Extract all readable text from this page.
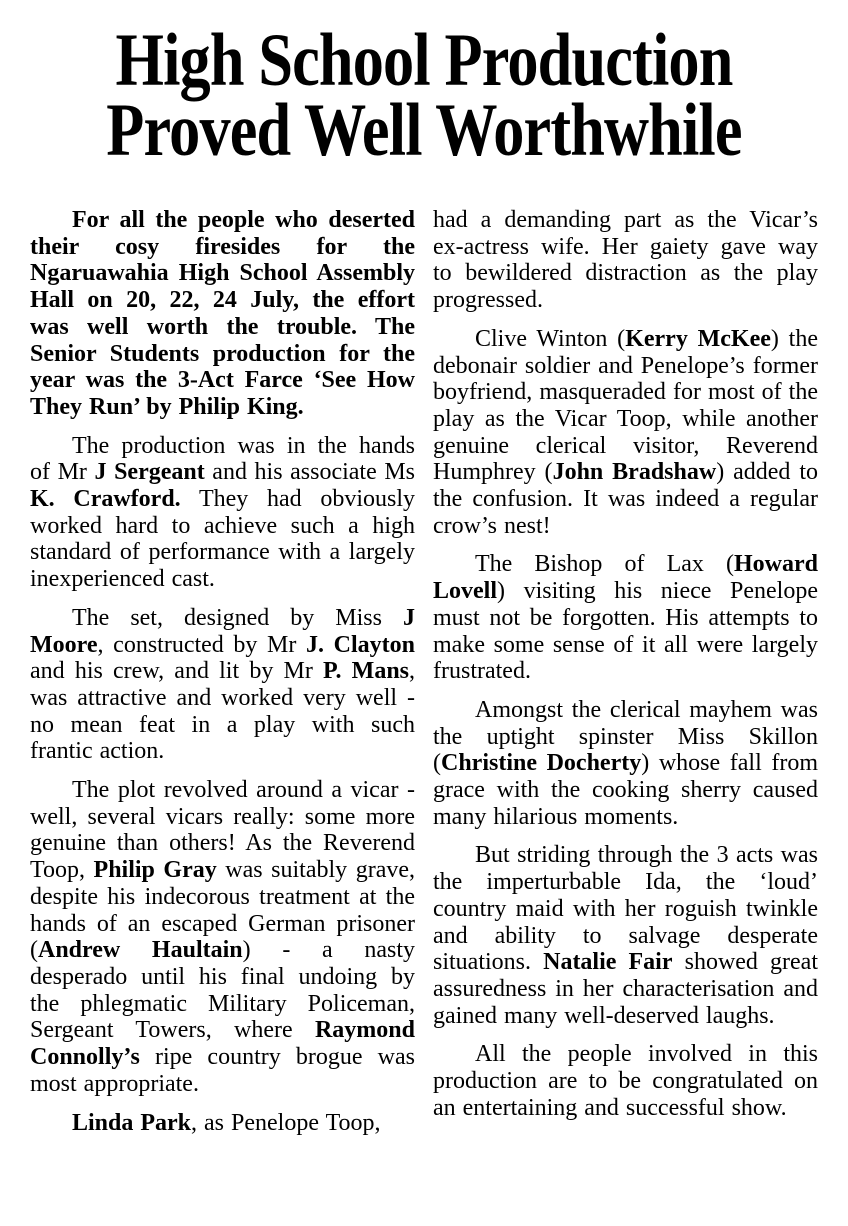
High School Production
Proved Well Worthwhile

For all the people who deserted their cosy firesides for the Ngaruawahia High School Assembly Hall on 20, 22, 24 July, the effort was well worth the trouble. The Senior Students production for the year was the 3-Act Farce ‘See How They Run’ by Philip King.

The production was in the hands of Mr J Sergeant and his associate Ms K. Crawford. They had obviously worked hard to achieve such a high standard of performance with a largely inexperienced cast.

The set, designed by Miss J Moore, constructed by Mr J. Clayton and his crew, and lit by Mr P. Mans, was attractive and worked very well - no mean feat in a play with such frantic action.

The plot revolved around a vicar - well, several vicars really: some more genuine than others! As the Reverend Toop, Philip Gray was suitably grave, despite his indecorous treatment at the hands of an escaped German prisoner (Andrew Haultain) - a nasty desperado until his final undoing by the phlegmatic Military Policeman, Sergeant Towers, where Raymond Connolly’s ripe country brogue was most appropriate.

Linda Park, as Penelope Toop,

had a demanding part as the Vicar’s ex-actress wife. Her gaiety gave way to bewildered distraction as the play progressed.

Clive Winton (Kerry McKee) the debonair soldier and Penelope’s former boyfriend, masqueraded for most of the play as the Vicar Toop, while another genuine clerical visitor, Reverend Humphrey (John Bradshaw) added to the confusion. It was indeed a regular crow’s nest!

The Bishop of Lax (Howard Lovell) visiting his niece Penelope must not be forgotten. His attempts to make some sense of it all were largely frustrated.

Amongst the clerical mayhem was the uptight spinster Miss Skillon (Christine Docherty) whose fall from grace with the cooking sherry caused many hilarious moments.

But striding through the 3 acts was the imperturbable Ida, the ‘loud’ country maid with her roguish twinkle and ability to salvage desperate situations. Natalie Fair showed great assuredness in her characterisation and gained many well-deserved laughs.

All the people involved in this production are to be congratulated on an entertaining and successful show.
